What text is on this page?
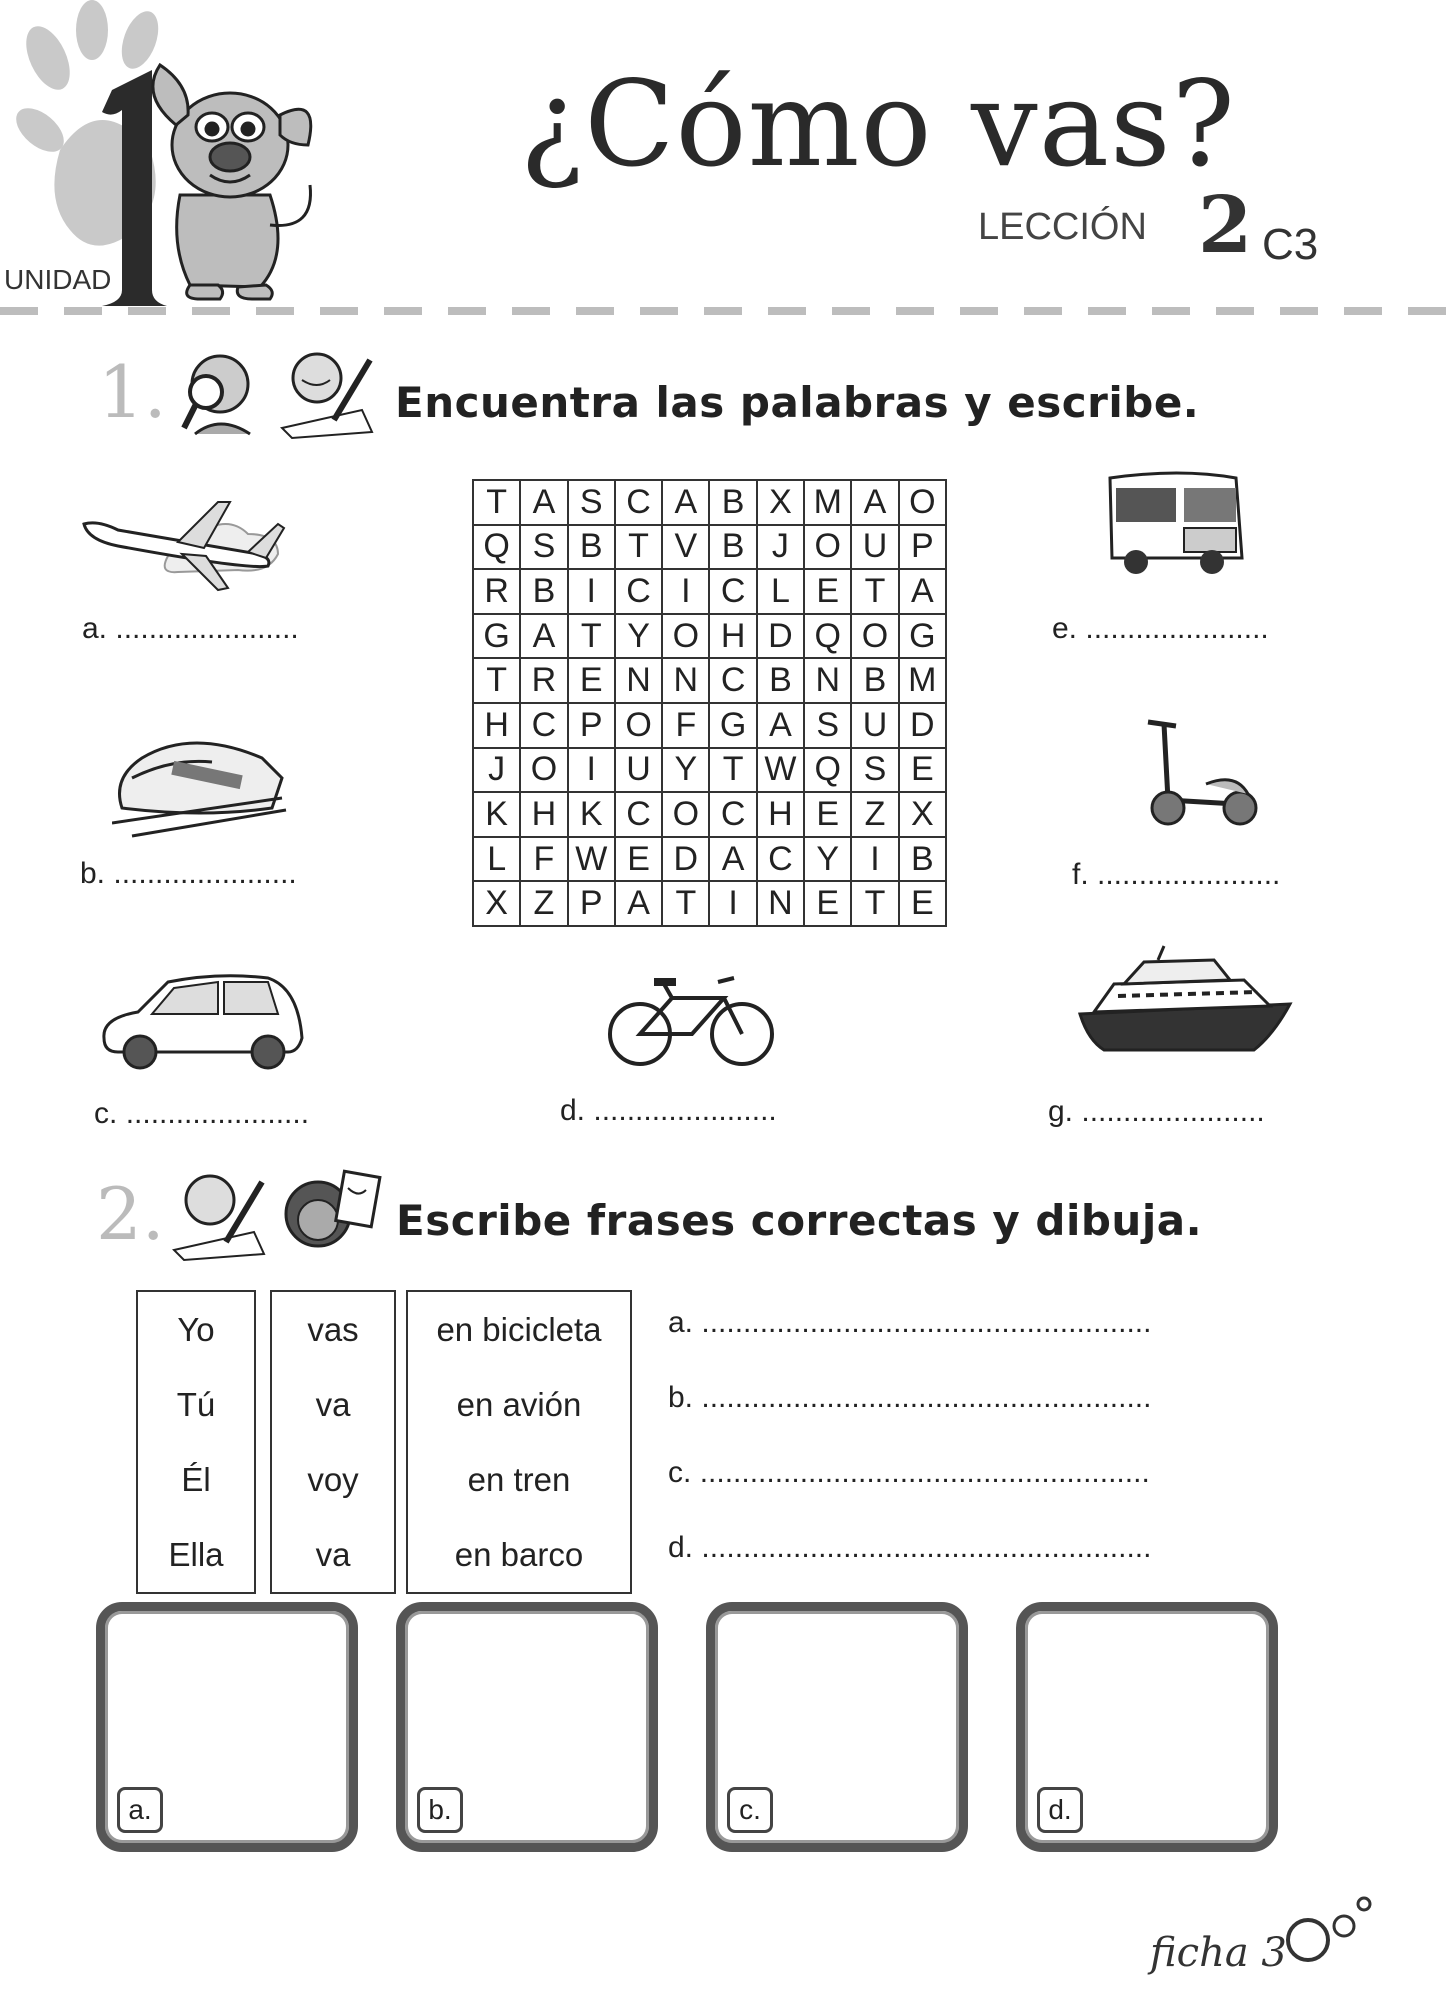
UNIDAD
¿Cómo vas?
LECCIÓN 2 C3
1.	Encuentra las palabras y escribe.
T	A	S	C	A	B	X	M	A	O
Q	S	B	T	V	B	J	O	U	P
R	B	I	C	I	C	L	E	T	A
G	A	T	Y	O	H	D	Q	O	G
T	R	E	N	N	C	B	N	B	M
H	C	P	O	F	G	A	S	U	D
J	O	I	U	Y	T	W	Q	S	E
K	H	K	C	O	C	H	E	Z	X
L	F	W	E	D	A	C	Y	I	B
X	Z	P	A	T	I	N	E	T	E
a. ......................
b. ......................
c. ......................	d. ......................
e. ......................
f. ......................
g. ......................
2.	Escribe frases correctas y dibuja.
Yo
Tú
Él
Ella
vas
va
voy
va
en bicicleta
en avión
en tren
en barco
a. ......................................................
b. ......................................................
c. ......................................................
d. ......................................................
a.	b.	c.	d.
ficha 3
